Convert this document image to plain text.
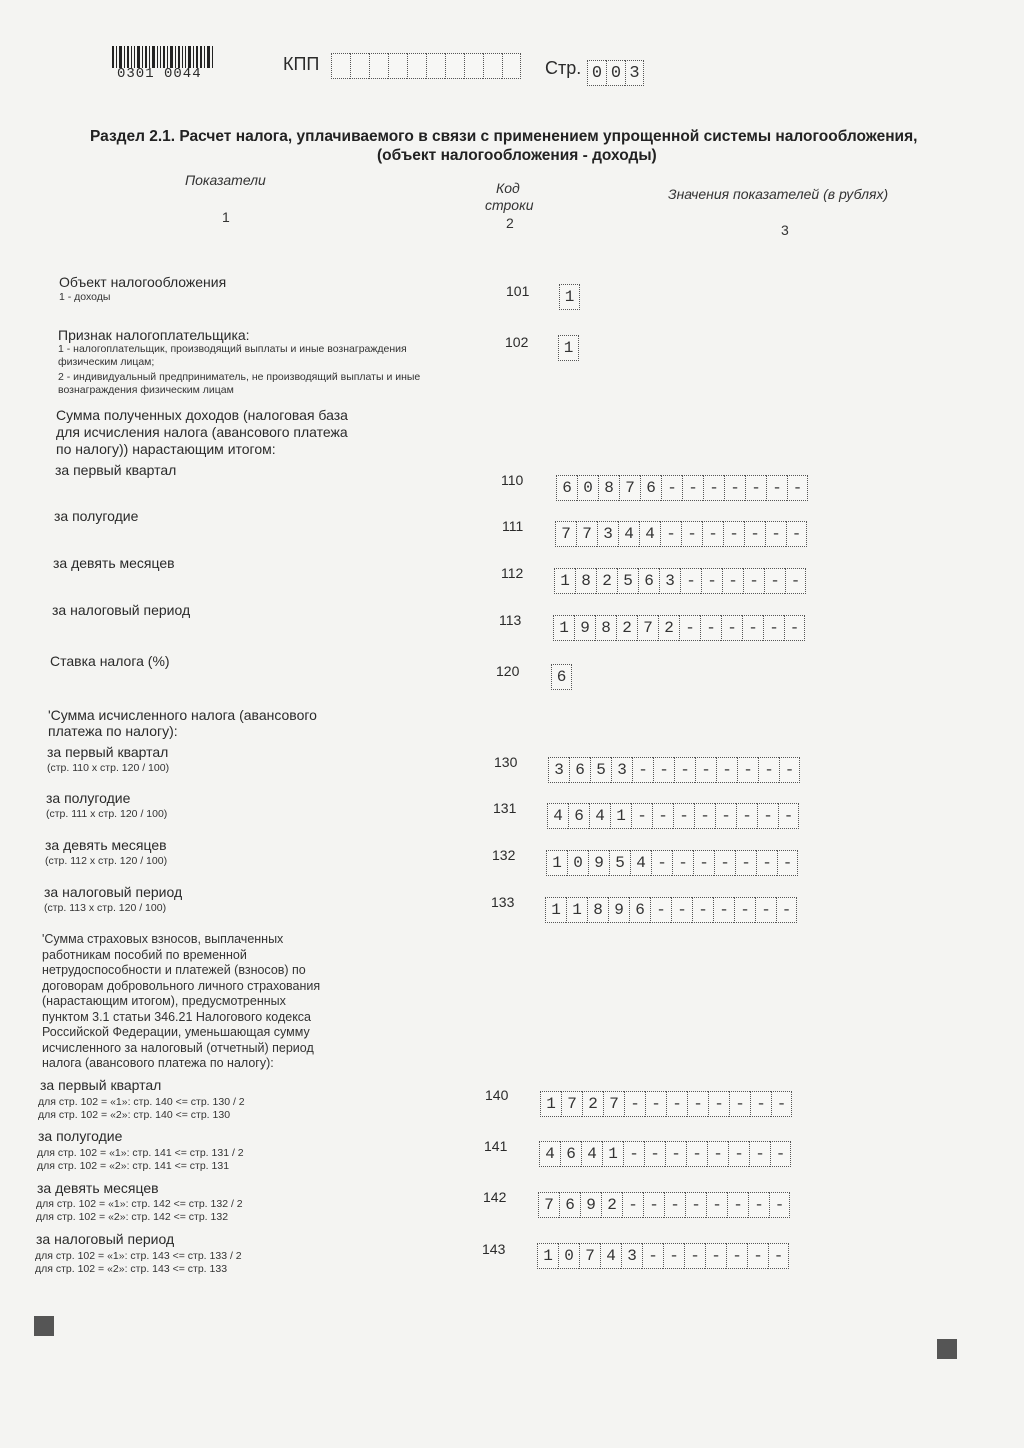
0301 0044	КПП	Стр. 0 0 3
Раздел 2.1. Расчет налога, уплачиваемого в связи с применением упрощенной системы налогообложения,
(объект налогообложения - доходы)
Показатели
1
Код
строки
2
Значения показателей (в рублях)
3
Объект налогообложения
1 - доходы	101	1
Признак налогоплательщика:
1 - налогоплательщик, производящий выплаты и иные вознаграждения
физическим лицам;
2 - индивидуальный предприниматель, не производящий выплаты и иные
вознаграждения физическим лицам
102	1
Сумма полученных доходов (налоговая база
для исчисления налога (авансового платежа
по налогу)) нарастающим итогом:
за первый квартал
110	6 0 8 7 6 - - - - - - -
за полугодие
111	7 7 3 4 4 - - - - - - -
за девять месяцев
112	1 8 2 5 6 3 - - - - - -
за налоговый период
113	1 9 8 2 7 2 - - - - - -
Ставка налога (%)
120	6
'Сумма исчисленного налога (авансового
платежа по налогу):
за первый квартал
(стр. 110 х стр. 120 / 100)	130	3 6 5 3 - - - - - - - -
за полугодие
(стр. 111 х стр. 120 / 100)	131	4 6 4 1 - - - - - - - -
за девять месяцев
(стр. 112 х стр. 120 / 100)	132	1 0 9 5 4 - - - - - - -
за налоговый период
(стр. 113 х стр. 120 / 100)	133	1 1 8 9 6 - - - - - - -
'Сумма страховых взносов, выплаченных
работникам пособий по временной
нетрудоспособности и платежей (взносов) по
договорам добровольного личного страхования
(нарастающим итогом), предусмотренных
пунктом 3.1 статьи 346.21 Налогового кодекса
Российской Федерации, уменьшающая сумму
исчисленного за налоговый (отчетный) период
налога (авансового платежа по налогу):
за первый квартал
для стр. 102 = «1»: стр. 140 <= стр. 130 / 2
для стр. 102 = «2»: стр. 140 <= стр. 130
140	1 7 2 7 - - - - - - - -
за полугодие
для стр. 102 = «1»: стр. 141 <= стр. 131 / 2
для стр. 102 = «2»: стр. 141 <= стр. 131
141	4 6 4 1 - - - - - - - -
за девять месяцев
для стр. 102 = «1»: стр. 142 <= стр. 132 / 2
для стр. 102 = «2»: стр. 142 <= стр. 132
142	7 6 9 2 - - - - - - - -
за налоговый период
для стр. 102 = «1»: стр. 143 <= стр. 133 / 2
для стр. 102 = «2»: стр. 143 <= стр. 133
143	1 0 7 4 3 - - - - - - -
